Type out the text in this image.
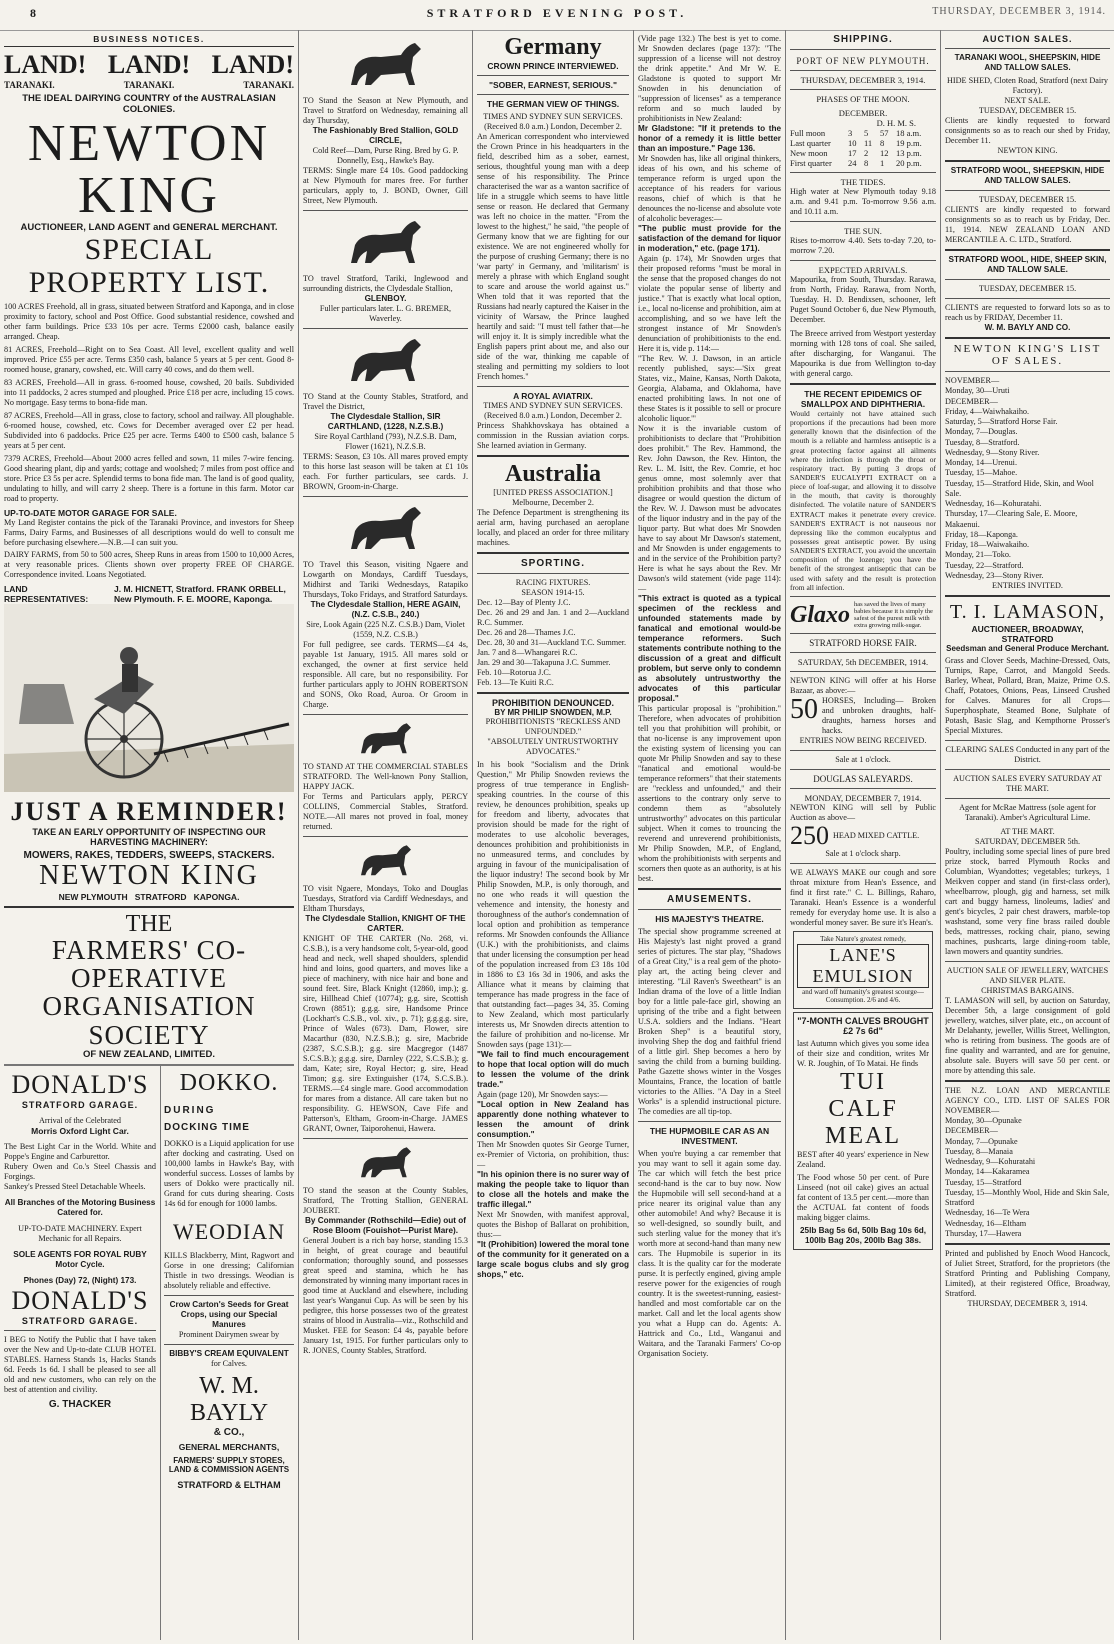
8	STRATFORD EVENING POST.	THURSDAY, DECEMBER 3, 1914.
BUSINESS NOTICES.
LAND! LAND! LAND!
TARANAKI.	TARANAKI.	TARANAKI.
THE IDEAL DAIRYING COUNTRY of the AUSTRALASIAN COLONIES.
NEWTON KING
AUCTIONEER, LAND AGENT and GENERAL MERCHANT.
SPECIAL PROPERTY LIST.

100 ACRES Freehold, all in grass, situated between Stratford and Kaponga, and in close proximity to factory, school and Post Office. Good substantial residence, cowshed and other farm buildings. Price £33 10s per acre. Terms £2000 cash, balance easily arranged. Cheap.

81 ACRES, Freehold—Right on to Sea Coast. All level, excellent quality and well improved. Price £55 per acre. Terms £350 cash, balance 5 years at 5 per cent. Good 8-roomed house, granary, cowshed, etc. Will carry 40 cows, and do them well.

83 ACRES, Freehold—All in grass. 6-roomed house, cowshed, 20 bails. Subdivided into 11 paddocks, 2 acres stumped and ploughed. Price £18 per acre, including 15 cows. No mortgage. Easy terms to bona-fide man.

87 ACRES, Freehold—All in grass, close to factory, school and railway. All ploughable. 6-roomed house, cowshed, etc. Cows for December averaged over £2 per head. Subdivided into 6 paddocks. Price £25 per acre. Terms £400 to £500 cash, balance 5 years at 5 per cent.

7379 ACRES, Freehold—About 2000 acres felled and sown, 11 miles 7-wire fencing. Good shearing plant, dip and yards; cottage and woolshed; 7 miles from post office and store. Price £3 5s per acre. Splendid terms to bona fide man. The land is of good quality, undulating to hilly, and will carry 2 sheep. There is a fortune in this farm. Motor car road to property.

UP-TO-DATE MOTOR GARAGE FOR SALE.
My Land Register contains the pick of the Taranaki Province, and investors for Sheep Farms, Dairy Farms, and Businesses of all descriptions would do well to consult me before purchasing elsewhere.—N.B.—I can suit you.
DAIRY FARMS, from 50 to 500 acres, Sheep Runs in areas from 1500 to 10,000 Acres, at very reasonable prices. Clients shown over property FREE OF CHARGE. Correspondence invited. Loans Negotiated.
LAND REPRESENTATIVES:
J. M. HICNETT, Stratford. FRANK ORBELL, New Plymouth. F. E. MOORE, Kaponga.
JUST A REMINDER!
TAKE AN EARLY OPPORTUNITY OF INSPECTING OUR HARVESTING MACHINERY:
MOWERS, RAKES, TEDDERS, SWEEPS, STACKERS.
NEWTON KING
NEW PLYMOUTH   STRATFORD   KAPONGA.
THE
FARMERS' CO-OPERATIVE
ORGANISATION SOCIETY
OF NEW ZEALAND, LIMITED.

DONALD'S
STRATFORD GARAGE.
Arrival of the Celebrated
Morris Oxford Light Car.
The Best Light Car in the World. White and Poppe's Engine and Carburettor.
Rubery Owen and Co.'s Steel Chassis and Forgings.
Sankey's Pressed Steel Detachable Wheels.
All Branches of the Motoring Business Catered for.
UP-TO-DATE MACHINERY. Expert Mechanic for all Repairs.
SOLE AGENTS FOR ROYAL RUBY Motor Cycle.
Phones (Day) 72, (Night) 173.
DONALD'S
STRATFORD GARAGE.
I BEG to Notify the Public that I have taken over the New and Up-to-date CLUB HOTEL STABLES. Harness Stands 1s, Hacks Stands 6d. Feeds 1s 6d. I shall be pleased to see all old and new customers, who can rely on the best of attention and civility.
G. THACKER
DOKKO.
DURING
DOCKING TIME
DOKKO is a Liquid application for use after docking and castrating. Used on 100,000 lambs in Hawke's Bay, with wonderful success. Losses of lambs by users of Dokko were practically nil. Grand for cuts during shearing. Costs 14s 6d for enough for 1000 lambs.
WEODIAN
KILLS Blackberry, Mint, Ragwort and Gorse in one dressing; Californian Thistle in two dressings. Weodian is absolutely reliable and effective.
Crow Carton's Seeds for Great Crops, using our Special Manures
Prominent Dairymen swear by
BIBBY'S CREAM EQUIVALENT
for Calves.
W. M. BAYLY
& CO.,
GENERAL MERCHANTS,
FARMERS' SUPPLY STORES, LAND & COMMISSION AGENTS
STRATFORD & ELTHAM
TO Stand the Season at New Plymouth, and Travel to Stratford on Wednesday, remaining all day Thursday,
The Fashionably Bred Stallion, GOLD CIRCLE,
Cold Reef—Dam, Purse Ring. Bred by G. P. Donnelly, Esq., Hawke's Bay.
TERMS: Single mare £4 10s. Good paddocking at New Plymouth for mares free. For further particulars, apply to, J. BOND, Owner, Gill Street, New Plymouth.
TO travel Stratford, Tariki, Inglewood and surrounding districts, the Clydesdale Stallion,
GLENBOY.
Fuller particulars later. L. G. BREMER, Waverley.
TO Stand at the County Stables, Stratford, and Travel the District,
The Clydesdale Stallion, SIR CARTHLAND, (1228, N.Z.S.B.)
Sire Royal Carthland (793), N.Z.S.B. Dam, Flower (1621), N.Z.S.B.
TERMS: Season, £3 10s. All mares proved empty to this horse last season will be taken at £1 10s each. For further particulars, see cards. J. BROWN, Groom-in-Charge.
TO Travel this Season, visiting Ngaere and Lowgarth on Mondays, Cardiff Tuesdays, Midhirst and Tariki Wednesdays, Ratapiko Thursdays, Toko Fridays, and Stratford Saturdays.
The Clydesdale Stallion, HERE AGAIN, (N.Z. C.S.B., 240.)
Sire, Look Again (225 N.Z. C.S.B.) Dam, Violet (1559, N.Z. C.S.B.)
For full pedigree, see cards. TERMS—£4 4s, payable 1st January, 1915. All mares sold or exchanged, the owner at first service held responsible. All care, but no responsibility. For further particulars apply to JOHN ROBERTSON and SONS, Oko Road, Auroa. Or Groom in Charge.
TO STAND AT THE COMMERCIAL STABLES STRATFORD. The Well-known Pony Stallion, HAPPY JACK.
For Terms and Particulars apply, PERCY COLLINS, Commercial Stables, Stratford. NOTE.—All mares not proved in foal, money returned.
TO visit Ngaere, Mondays, Toko and Douglas Tuesdays, Stratford via Cardiff Wednesdays, and Eltham Thursdays,
The Clydesdale Stallion, KNIGHT OF THE CARTER.
KNIGHT OF THE CARTER (No. 268, vi. C.S.B.), is a very handsome colt, 5-year-old, good head and neck, well shaped shoulders, splendid hind and loins, good quarters, and moves like a piece of machinery, with nice hair and bone and sound feet. Sire, Black Knight (12860, imp.); g. sire, Hillhead Chief (10774); g.g. sire, Scottish Crown (8851); g.g.g. sire, Handsome Prince (Lockhart's C.S.B., vol. xiv., p. 71); g.g.g.g. sire, Prince of Wales (673). Dam, Flower, sire Macarthur (830, N.Z.S.B.); g. sire, Macbride (2387, S.C.S.B.); g.g. sire Macgregor (1487 S.C.S.B.); g.g.g. sire, Darnley (222, S.C.S.B.); g. dam, Kate; sire, Royal Hector; g. sire, Head Timon; g.g. sire Extinguisher (174, S.C.S.B.). TERMS.—£4 single mare. Good accommodation for mares from a distance. All care taken but no responsibility. G. HEWSON, Cave Fife and Patterson's, Eltham, Groom-in-Charge. JAMES GRANT, Owner, Taiporohenui, Hawera.
TO stand the season at the County Stables, Stratford, The Trotting Stallion, GENERAL JOUBERT.
By Commander (Rothschild—Edie) out of Rose Bloom (Fouishot—Purist Mare).
General Joubert is a rich bay horse, standing 15.3 in height, of great courage and beautiful conformation; thoroughly sound, and possesses great speed and stamina, which he has demonstrated by winning many important races in good time at Auckland and elsewhere, including last year's Wanganui Cup. As will be seen by his pedigree, this horse possesses two of the greatest strains of blood in Australia—viz., Rothschild and Musket. FEE for Season: £4 4s, payable before January 1st, 1915. For further particulars only to R. JONES, County Stables, Stratford.
Germany
CROWN PRINCE INTERVIEWED.
"SOBER, EARNEST, SERIOUS."
THE GERMAN VIEW OF THINGS.
TIMES AND SYDNEY SUN SERVICES. (Received 8.0 a.m.) London, December 2.
An American correspondent who interviewed the Crown Prince in his headquarters in the field, described him as a sober, earnest, serious, thoughtful young man with a deep sense of his responsibility. The Prince characterised the war as a wanton sacrifice of life in a struggle which seems to have little sense or reason. He declared that Germany was left no choice in the matter. "From the lowest to the highest," he said, "the people of Germany know that we are fighting for our existence. We are not engineered wholly for the purpose of crushing Germany; there is no 'war party' in Germany, and 'militarism' is merely a phrase with which England sought to scare and arouse the world against us." When told that it was reported that the Russians had nearly captured the Kaiser in the vicinity of Warsaw, the Prince laughed heartily and said: "I must tell father that—he will enjoy it. It is simply incredible what the English papers print about me, and also our side of the war, thinking me capable of stealing and permitting my soldiers to loot French homes."
A ROYAL AVIATRIX.
TIMES AND SYDNEY SUN SERVICES. (Received 8.0 a.m.) London, December 2.
Princess Shahkhovskaya has obtained a commission in the Russian aviation corps. She learned aviation in Germany.
Australia
[UNITED PRESS ASSOCIATION.] Melbourne, December 2.
The Defence Department is strengthening its aerial arm, having purchased an aeroplane locally, and placed an order for three military machines.
SPORTING.
RACING FIXTURES.
SEASON 1914-15.
Dec. 12—Bay of Plenty J.C.
Dec. 26 and 29 and Jan. 1 and 2—Auckland R.C. Summer.
Dec. 26 and 28—Thames J.C.
Dec. 28, 30 and 31—Auckland T.C. Summer.
Jan. 7 and 8—Whangarei R.C.
Jan. 29 and 30—Takapuna J.C. Summer.
Feb. 10—Rotorua J.C.
Feb. 13—Te Kuiti R.C.
PROHIBITION DENOUNCED.
BY MR PHILIP SNOWDEN, M.P.
PROHIBITIONISTS "RECKLESS AND UNFOUNDED."
"ABSOLUTELY UNTRUSTWORTHY ADVOCATES."
In his book "Socialism and the Drink Question," Mr Philip Snowden reviews the progress of true temperance in English-speaking countries. In the course of this review, he denounces prohibition, speaks up for freedom and liberty, advocates that provision should be made for the right of moderates to use alcoholic beverages, denounces prohibition and prohibitionists in no unmeasured terms, and concludes by arguing in favour of the municipalisation of the liquor industry! The second book by Mr Philip Snowden, M.P., is only thorough, and no one who reads it will question the vehemence and intensity, the honesty and thoroughness of the author's condemnation of local option and prohibition as temperance reforms. Mr Snowden confounds the Alliance (U.K.) with the prohibitionists, and claims that under licensing the consumption per head of the population increased from £3 18s 10d in 1886 to £3 16s 3d in 1906, and asks the Alliance what it means by claiming that temperance has made progress in the face of that outstanding fact—pages 34, 35. Coming to New Zealand, which most particularly interests us, Mr Snowden directs attention to the failure of prohibition and no-license. Mr Snowden says (page 131):—
"We fail to find much encouragement to hope that local option will do much to lessen the volume of the drink trade."
Again (page 120), Mr Snowden says:—
"Local option in New Zealand has apparently done nothing whatever to lessen the amount of drink consumption."
Then Mr Snowden quotes Sir George Turner, ex-Premier of Victoria, on prohibition, thus:—
"In his opinion there is no surer way of making the people take to liquor than to close all the hotels and make the traffic illegal."
Next Mr Snowden, with manifest approval, quotes the Bishop of Ballarat on prohibition, thus:—
"It (Prohibition) lowered the moral tone of the community for it generated on a large scale bogus clubs and sly grog shops," etc.
(Vide page 132.) The best is yet to come. Mr Snowden declares (page 137): "The suppression of a license will not destroy the drink appetite." And Mr W. E. Gladstone is quoted to support Mr Snowden in his denunciation of "suppression of licenses" as a temperance reform and so much lauded by prohibitionists in New Zealand:
Mr Gladstone: "If it pretends to the honor of a remedy it is little better than an imposture." Page 136.
Mr Snowden has, like all original thinkers, ideas of his own, and his scheme of temperance reform is urged upon the acceptance of his readers for various reasons, chief of which is that he denounces the no-license and absolute vote of alcoholic beverages:—
"The public must provide for the satisfaction of the demand for liquor in moderation," etc. (page 171).
Again (p. 174), Mr Snowden urges that their proposed reforms "must be moral in the sense that the proposed changes do not violate the popular sense of liberty and justice." That is exactly what local option, i.e., local no-license and prohibition, aim at accomplishing, and so we have left the strongest instance of Mr Snowden's denunciation of prohibitionists to the end. Here it is, vide p. 114:—
"The Rev. W. J. Dawson, in an article recently published, says:—'Six great States, viz., Maine, Kansas, North Dakota, Georgia, Alabama, and Oklahoma, have enacted prohibiting laws. In not one of these States is it possible to sell or procure alcoholic liquor.'"
Now it is the invariable custom of prohibitionists to declare that "Prohibition does prohibit." The Rev. Hammond, the Rev. John Dawson, the Rev. Hinton, the Rev. L. M. Isitt, the Rev. Comrie, et hoc genus omne, most solemnly aver that prohibition prohibits and that those who disagree or would question the dictum of the Rev. W. J. Dawson must be advocates of the liquor industry and in the pay of the liquor party. But what does Mr Snowden have to say about Mr Dawson's statement, and Mr Snowden is under engagements to and in the service of the Prohibition party? Here is what he says about the Rev. Mr Dawson's wild statement (vide page 114):—
"This extract is quoted as a typical specimen of the reckless and unfounded statements made by fanatical and emotional would-be temperance reformers. Such statements contribute nothing to the discussion of a great and difficult problem, but serve only to condemn as absolutely untrustworthy the advocates of this particular proposal."
This particular proposal is "prohibition." Therefore, when advocates of prohibition tell you that prohibition will prohibit, or that no-license is any improvement upon the existing system of licensing you can quote Mr Philip Snowden and say to these "fanatical and emotional would-be temperance reformers" that their statements are "reckless and unfounded," and their assertions to the contrary only serve to condemn them as "absolutely untrustworthy" advocates on this particular subject. When it comes to trouncing the reverend and unreverend prohibitionists, Mr Philip Snowden, M.P., of England, whom the prohibitionists with serpents and scorners then quote as an authority, is at his best.
AMUSEMENTS.
HIS MAJESTY'S THEATRE.
The special show programme screened at His Majesty's last night proved a grand series of pictures. The star play, "Shadows of a Great City," is a real gem of the photo-play art, the acting being clever and interesting. "Lil Raven's Sweetheart" is an Indian drama of the love of a little Indian boy for a little pale-face girl, showing an uprising of the tribe and a fight between U.S.A. soldiers and the Indians. "Heart Broken Shep" is a beautiful story, involving Shep the dog and faithful friend of a little girl. Shep becomes a hero by saving the child from a burning building. Pathe Gazette shows winter in the Vosges Mountains, France, the location of battle victories to the Allies. "A Day in a Steel Works" is a splendid instructional picture. The comedies are all tip-top.
THE HUPMOBILE CAR AS AN INVESTMENT.
When you're buying a car remember that you may want to sell it again some day. The car which will fetch the best price second-hand is the car to buy now. Now the Hupmobile will sell second-hand at a price nearer its original value than any other automobile! And why? Because it is so well-designed, so soundly built, and such sterling value for the money that it's worth more at second-hand than many new cars. The Hupmobile is superior in its class. It is the quality car for the moderate purse. It is perfectly engined, giving ample reserve power for the exigencies of rough country. It is the sweetest-running, easiest-handled and most comfortable car on the market. Call and let the local agents show you what a Hupp can do. Agents: A. Hattrick and Co., Ltd., Wanganui and Waitara, and the Taranaki Farmers' Co-op Organisation Society.
SHIPPING.
PORT OF NEW PLYMOUTH.
THURSDAY, DECEMBER 3, 1914.
PHASES OF THE MOON.
DECEMBER.
D. H. M. S.
Full moon	3	5	57 18 a.m.
Last quarter	10 11 8	19 p.m.
New moon	17 2	12 13 p.m.
First quarter	24 8	1	20 p.m.
THE TIDES.
High water at New Plymouth today 9.18 a.m. and 9.41 p.m. To-morrow 9.56 a.m. and 10.11 a.m.
THE SUN.
Rises to-morrow 4.40. Sets to-day 7.20, to-morrow 7.20.
EXPECTED ARRIVALS.
Mapourika, from South, Thursday. Rarawa, from North, Friday. Rarawa, from North, Tuesday. H. D. Bendixsen, schooner, left Puget Sound October 6, due New Plymouth, December.
The Breece arrived from Westport yesterday morning with 128 tons of coal. She sailed, after discharging, for Wanganui. The Mapourika is due from Wellington to-day with general cargo.
THE RECENT EPIDEMICS OF SMALLPOX AND DIPHTHERIA.
Would certainly not have attained such proportions if the precautions had been more generally known that the disinfection of the mouth is a reliable and harmless antiseptic is a great protecting factor against all ailments where the infection is through the throat or respiratory tract. By putting 3 drops of SANDER'S EUCALYPTI EXTRACT on a piece of loaf-sugar, and allowing it to dissolve in the mouth, that cavity is thoroughly disinfected. The volatile nature of SANDER'S EXTRACT makes it penetrate every crevice. SANDER'S EXTRACT is not nauseous nor depressing like the common eucalyptus and possesses great antiseptic power. By using SANDER'S EXTRACT, you avoid the uncertain composition of the lozenge; you have the benefit of the strongest antiseptic that can be used with safety and the result is protection from all infection.
Glaxo has saved the lives of many babies because it is simply the safest of the purest milk with extra growing milk-sugar.
STRATFORD HORSE FAIR.
SATURDAY, 5th DECEMBER, 1914.
NEWTON KING will offer at his Horse Bazaar, as above:—
50 HORSES, Including— Broken and unbroken draughts, half-draughts, harness horses and hacks.
ENTRIES NOW BEING RECEIVED.
Sale at 1 o'clock.
DOUGLAS SALEYARDS.
MONDAY, DECEMBER 7, 1914.
NEWTON KING will sell by Public Auction as above—
250 HEAD MIXED CATTLE.
Sale at 1 o'clock sharp.
WE ALWAYS MAKE our cough and sore throat mixture from Hean's Essence, and find it first rate." C. L. Billings, Raharo, Taranaki. Hean's Essence is a wonderful remedy for everyday home use. It is also a wonderful money saver. Be sure it's Hean's.
Take Nature's greatest remedy,
LANE'S EMULSION
and ward off humanity's greatest scourge—Consumption. 2/6 and 4/6.
"7-MONTH CALVES BROUGHT £2 7s 6d"
last Autumn which gives you some idea of their size and condition, writes Mr W. R. Joughin, of To Matai. He finds
TUI
CALF
MEAL
BEST after 40 years' experience in New Zealand.
The Food whose 50 per cent. of Pure Linseed (not oil cake) gives an actual fat content of 13.5 per cent.—more than the ACTUAL fat content of foods making bigger claims.
25lb Bag 5s 6d, 50lb Bag 10s 6d, 100lb Bag 20s, 200lb Bag 38s.
AUCTION SALES.
TARANAKI WOOL, SHEEPSKIN, HIDE AND TALLOW SALES.
HIDE SHED, Cloten Road, Stratford (next Dairy Factory).
NEXT SALE.
TUESDAY, DECEMBER 15.
Clients are kindly requested to forward consignments so as to reach our shed by Friday, December 11.
NEWTON KING.
STRATFORD WOOL, SHEEPSKIN, HIDE AND TALLOW SALES.
TUESDAY, DECEMBER 15.
CLIENTS are kindly requested to forward consignments so as to reach us by Friday, Dec. 11, 1914. NEW ZEALAND LOAN AND MERCANTILE A. C. LTD., Stratford.
STRATFORD WOOL, HIDE, SHEEP SKIN, AND TALLOW SALE.
TUESDAY, DECEMBER 15.
CLIENTS are requested to forward lots so as to reach us by FRIDAY, December 11.
W. M. BAYLY AND CO.
NEWTON KING'S LIST OF SALES.
NOVEMBER—
Monday, 30—Uruti
DECEMBER—
Friday, 4—Waiwhakaiho.
Saturday, 5—Stratford Horse Fair.
Monday, 7—Douglas.
Tuesday, 8—Stratford.
Wednesday, 9—Stony River.
Monday, 14—Urenui.
Tuesday, 15—Mahoe.
Tuesday, 15—Stratford Hide, Skin, and Wool Sale.
Wednesday, 16—Kohuratahi.
Thursday, 17—Clearing Sale, E. Moore, Makaenui.
Friday, 18—Kaponga.
Friday, 18—Waiwakaiho.
Monday, 21—Toko.
Tuesday, 22—Stratford.
Wednesday, 23—Stony River.
ENTRIES INVITED.
T. I. LAMASON,
AUCTIONEER, BROADWAY, STRATFORD
Seedsman and General Produce Merchant.
Grass and Clover Seeds, Machine-Dressed, Oats, Turnips, Rape, Carrot, and Mangold Seeds. Barley, Wheat, Pollard, Bran, Maize, Prime O.S. Chaff, Potatoes, Onions, Peas, Linseed Crushed for Calves. Manures for all Crops—Superphosphate, Steamed Bone, Sulphate of Potash, Basic Slag, and Kempthorne Prosser's Special Mixtures.
CLEARING SALES Conducted in any part of the District.
AUCTION SALES EVERY SATURDAY AT THE MART.
Agent for McRae Mattress (sole agent for Taranaki). Amber's Agricultural Lime.
AT THE MART.
SATURDAY, DECEMBER 5th.
Poultry, including some special lines of pure bred prize stock, barred Plymouth Rocks and Columbian, Wyandottes; vegetables; turkeys, 1 Meikven copper and stand (in first-class order), wheelbarrow, plough, gig and harness, set milk cart and buggy harness, linoleums, ladies' and gent's bicycles, 2 pair chest drawers, marble-top washstand, some very fine brass railed double beds, mattresses, rocking chair, piano, sewing machines, pushcarts, large dining-room table, lawn mowers and quantity sundries.
AUCTION SALE OF JEWELLERY, WATCHES AND SILVER PLATE.
CHRISTMAS BARGAINS.
T. LAMASON will sell, by auction on Saturday, December 5th, a large consignment of gold jewellery, watches, silver plate, etc., on account of Mr Delahanty, jeweller, Willis Street, Wellington, who is retiring from business. The goods are of fine quality and warranted, and are for genuine, absolute sale. Buyers will save 50 per cent. or more by attending this sale.
THE N.Z. LOAN AND MERCANTILE AGENCY CO., LTD. LIST OF SALES FOR NOVEMBER—
Monday, 30—Opunake
DECEMBER—
Monday, 7—Opunake
Tuesday, 8—Manaia
Wednesday, 9—Kohuratahi
Monday, 14—Kakaramea
Tuesday, 15—Stratford
Tuesday, 15—Monthly Wool, Hide and Skin Sale, Stratford
Wednesday, 16—Te Wera
Wednesday, 16—Eltham
Thursday, 17—Hawera
Printed and published by Enoch Wood Hancock, of Juliet Street, Stratford, for the proprietors (the Stratford Printing and Publishing Company, Limited), at their registered Office, Broadway, Stratford.
THURSDAY, DECEMBER 3, 1914.
